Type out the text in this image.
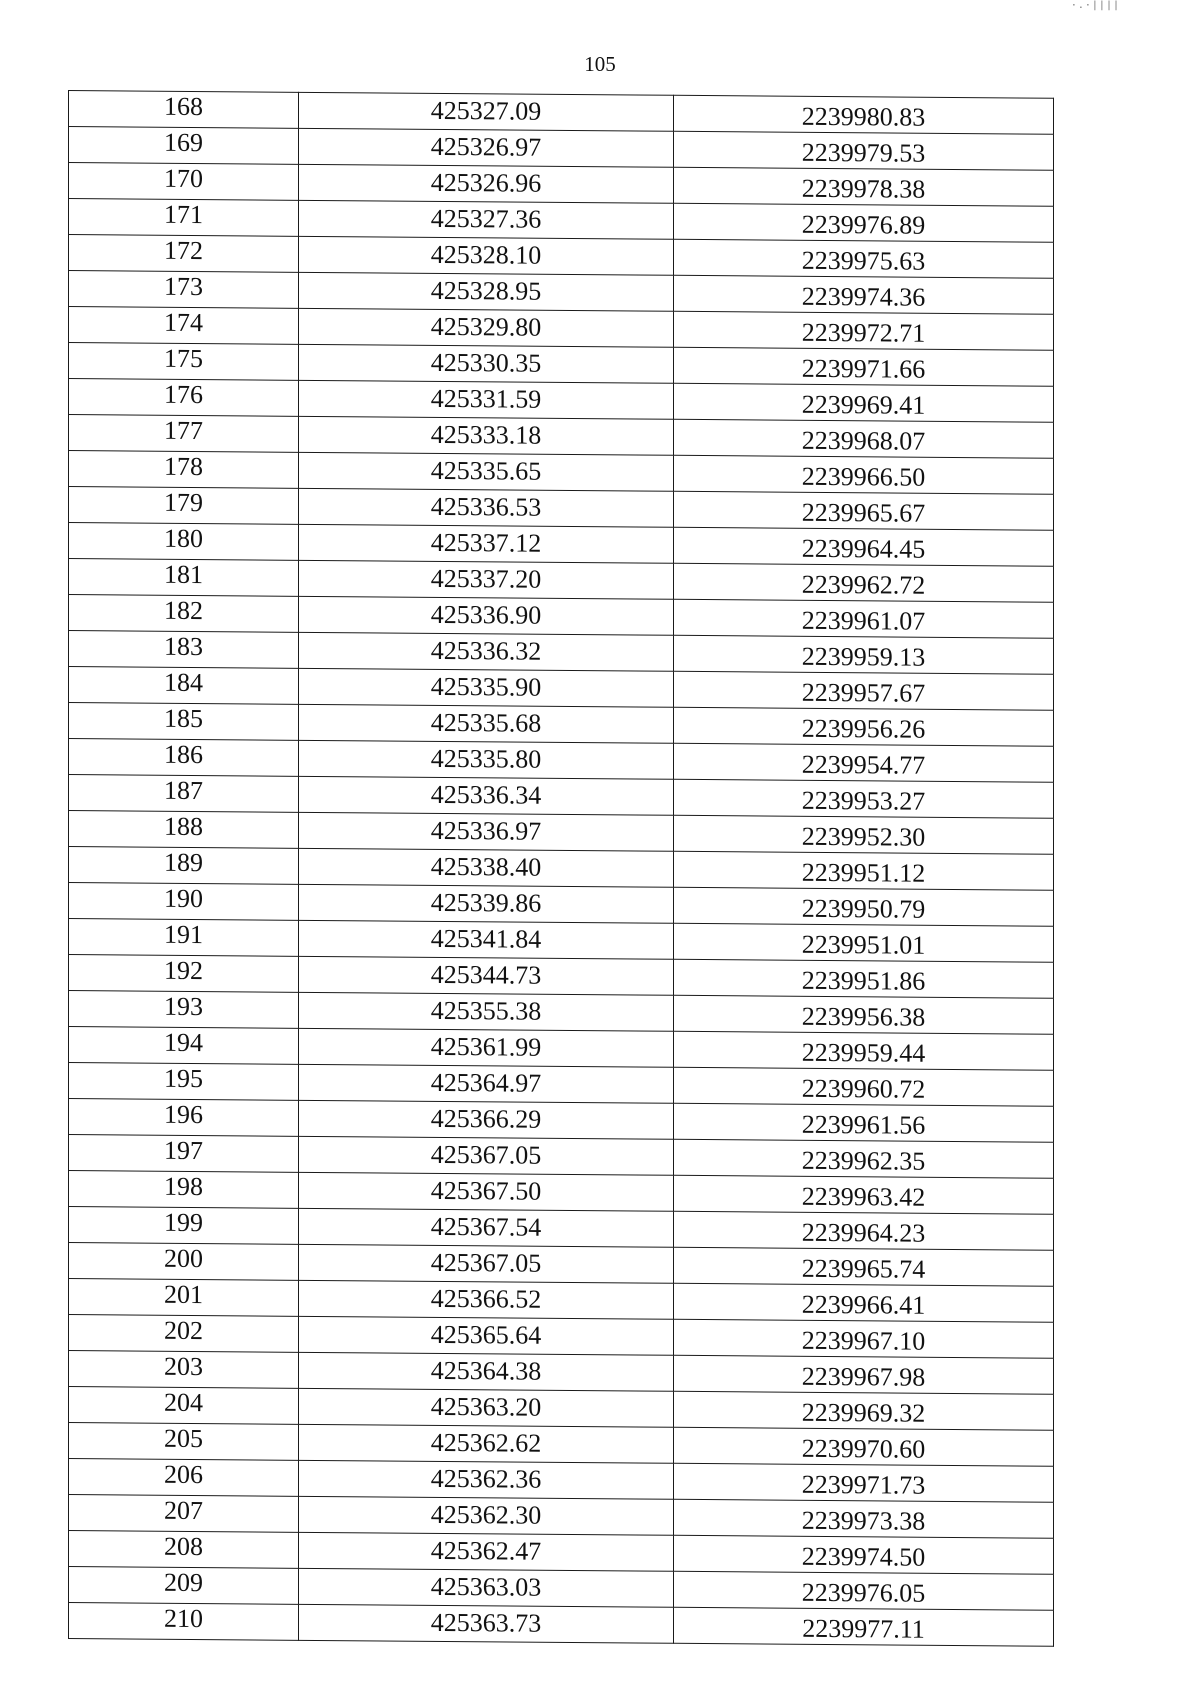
·.·||||
105
168	425327.09	2239980.83
169	425326.97	2239979.53
170	425326.96	2239978.38
171	425327.36	2239976.89
172	425328.10	2239975.63
173	425328.95	2239974.36
174	425329.80	2239972.71
175	425330.35	2239971.66
176	425331.59	2239969.41
177	425333.18	2239968.07
178	425335.65	2239966.50
179	425336.53	2239965.67
180	425337.12	2239964.45
181	425337.20	2239962.72
182	425336.90	2239961.07
183	425336.32	2239959.13
184	425335.90	2239957.67
185	425335.68	2239956.26
186	425335.80	2239954.77
187	425336.34	2239953.27
188	425336.97	2239952.30
189	425338.40	2239951.12
190	425339.86	2239950.79
191	425341.84	2239951.01
192	425344.73	2239951.86
193	425355.38	2239956.38
194	425361.99	2239959.44
195	425364.97	2239960.72
196	425366.29	2239961.56
197	425367.05	2239962.35
198	425367.50	2239963.42
199	425367.54	2239964.23
200	425367.05	2239965.74
201	425366.52	2239966.41
202	425365.64	2239967.10
203	425364.38	2239967.98
204	425363.20	2239969.32
205	425362.62	2239970.60
206	425362.36	2239971.73
207	425362.30	2239973.38
208	425362.47	2239974.50
209	425363.03	2239976.05
210	425363.73	2239977.11
